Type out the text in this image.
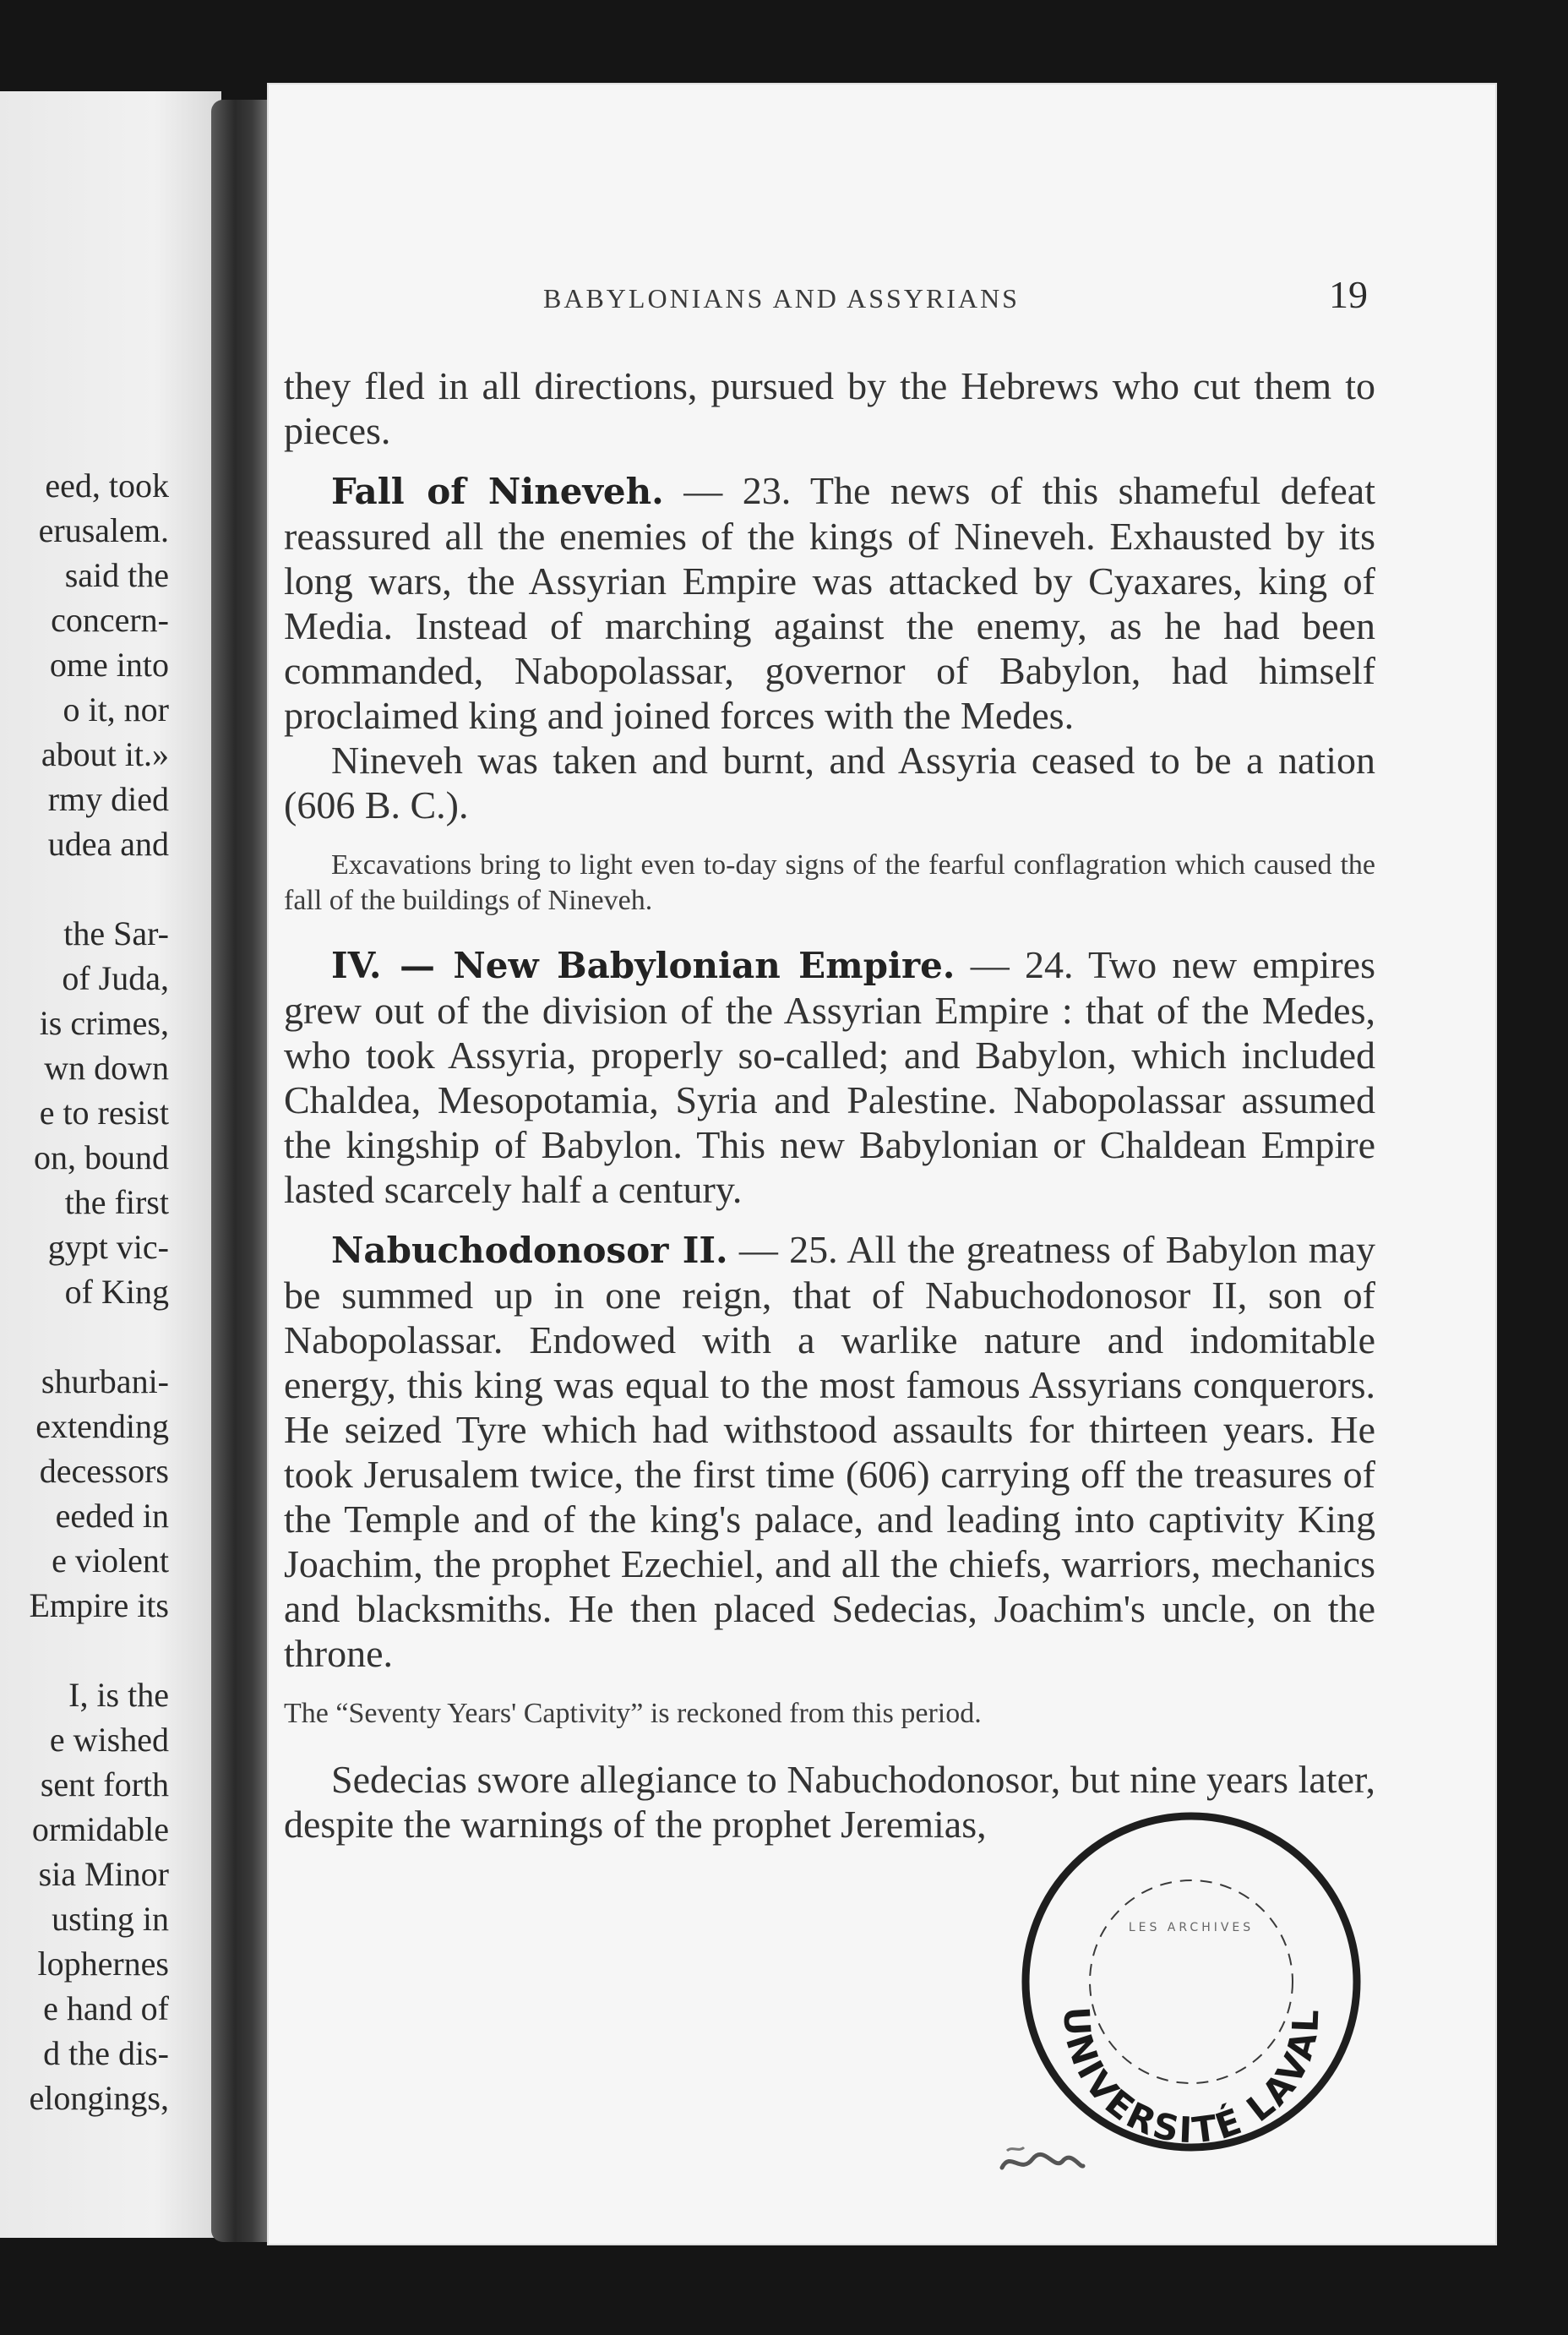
eed, took
erusalem.
said the
concern-
ome into
o it, nor
about it.»
rmy died
udea and
the Sar-
of Juda,
is crimes,
wn down
e to resist
on, bound
the first
gypt vic-
of King
shurbani-
extending
decessors
eeded in
e violent
Empire its
I, is the
e wished
sent forth
ormidable
sia Minor
usting in
lophernes
e hand of
d the dis-
elongings,
BABYLONIANS AND ASSYRIANS	19

they fled in all directions, pursued by the Hebrews who cut them to pieces.

Fall of Nineveh. — 23. The news of this shameful defeat reassured all the enemies of the kings of Nineveh. Exhausted by its long wars, the Assyrian Empire was attacked by Cyaxares, king of Media. Instead of marching against the enemy, as he had been commanded, Nabopolassar, governor of Babylon, had himself proclaimed king and joined forces with the Medes.

Nineveh was taken and burnt, and Assyria ceased to be a nation (606 B. C.).

Excavations bring to light even to-day signs of the fearful conflagration which caused the fall of the buildings of Nineveh.

IV. — New Babylonian Empire. — 24. Two new empires grew out of the division of the Assyrian Empire : that of the Medes, who took Assyria, properly so-called; and Babylon, which included Chaldea, Mesopotamia, Syria and Palestine. Nabopolassar assumed the kingship of Babylon. This new Babylonian or Chaldean Empire lasted scarcely half a century.

Nabuchodonosor II. — 25. All the greatness of Babylon may be summed up in one reign, that of Nabuchodonosor II, son of Nabopolassar. Endowed with a warlike nature and indomitable energy, this king was equal to the most famous Assyrians conquerors. He seized Tyre which had withstood assaults for thirteen years. He took Jerusalem twice, the first time (606) carrying off the treasures of the Temple and of the king's palace, and leading into captivity King Joachim, the prophet Ezechiel, and all the chiefs, warriors, mechanics and blacksmiths. He then placed Sedecias, Joachim's uncle, on the throne.

The “Seventy Years' Captivity” is reckoned from this period.

Sedecias swore allegiance to Nabuchodonosor, but nine years later, despite the warnings of the prophet Jeremias,

LES ARCHIVES
UNIVERSITÉ LAVAL
